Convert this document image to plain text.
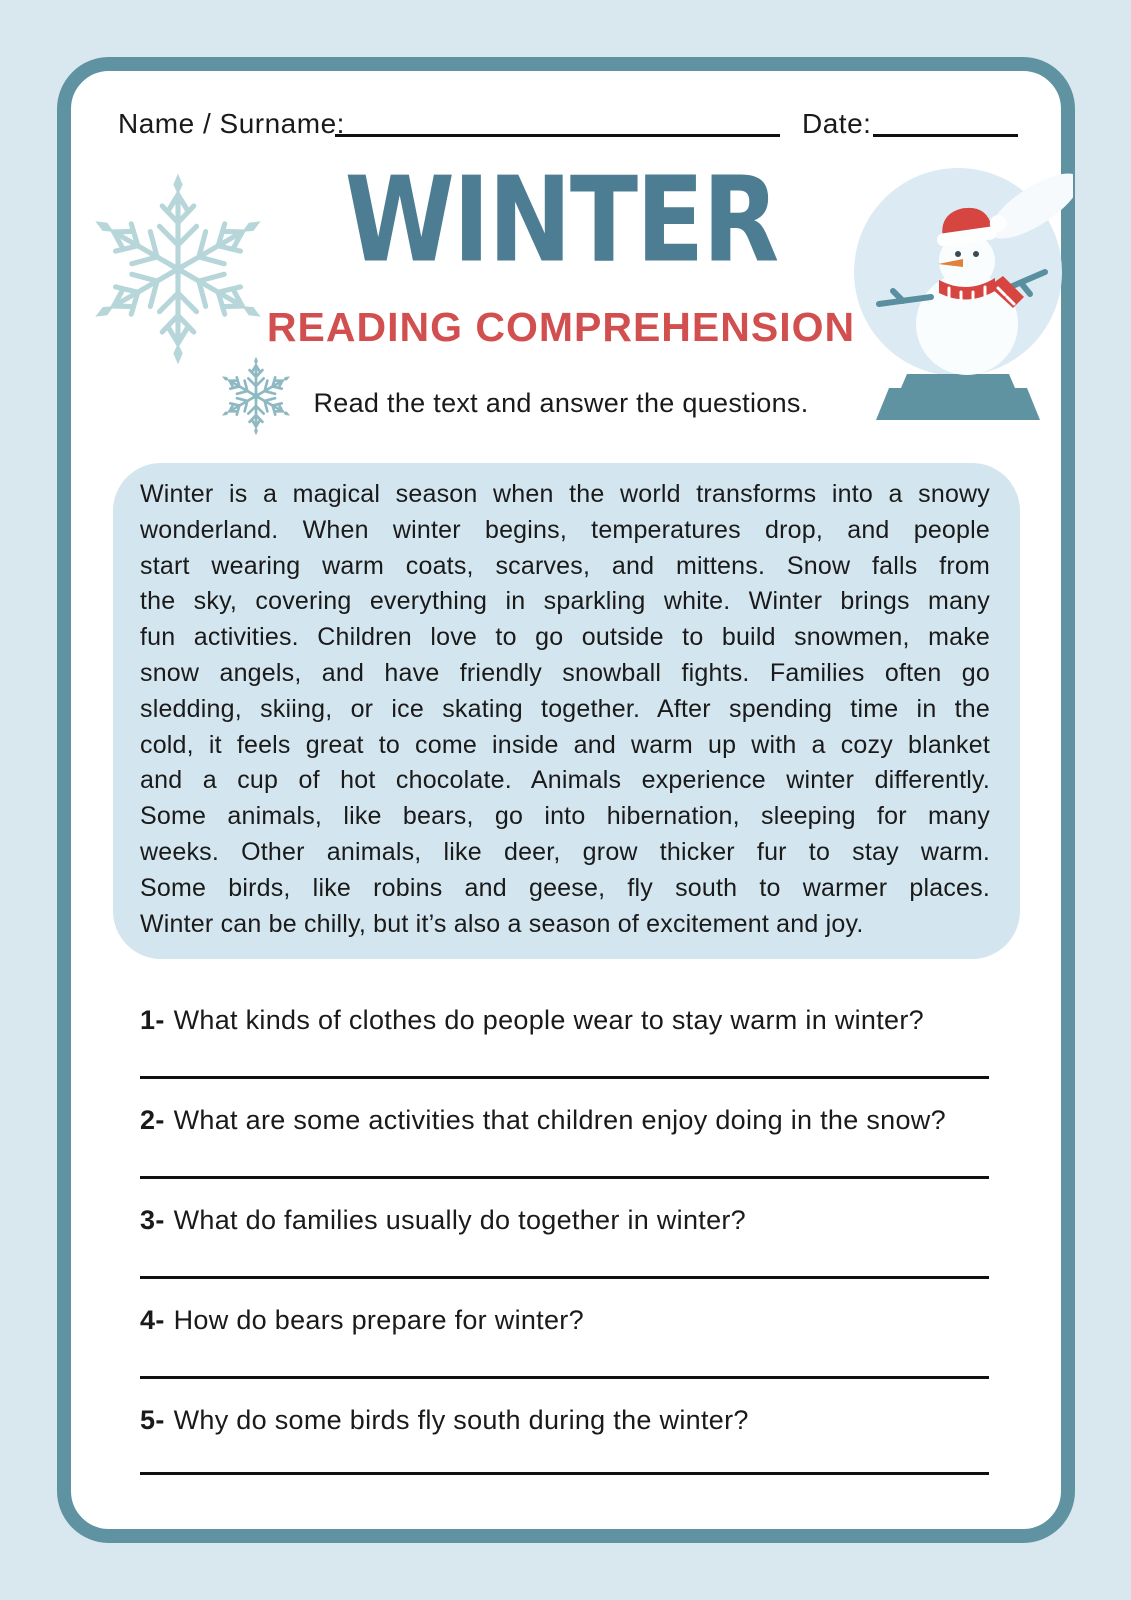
Name / Surname:	Date:
WINTER
READING COMPREHENSION
Read the text and answer the questions.
Winter is a magical season when the world transforms into a snowy
wonderland. When winter begins, temperatures drop, and people
start wearing warm coats, scarves, and mittens. Snow falls from
the sky, covering everything in sparkling white. Winter brings many
fun activities. Children love to go outside to build snowmen, make
snow angels, and have friendly snowball fights. Families often go
sledding, skiing, or ice skating together. After spending time in the
cold, it feels great to come inside and warm up with a cozy blanket
and a cup of hot chocolate. Animals experience winter differently.
Some animals, like bears, go into hibernation, sleeping for many
weeks. Other animals, like deer, grow thicker fur to stay warm.
Some birds, like robins and geese, fly south to warmer places.
Winter can be chilly, but it’s also a season of excitement and joy.
1- What kinds of clothes do people wear to stay warm in winter?
2- What are some activities that children enjoy doing in the snow?
3- What do families usually do together in winter?
4- How do bears prepare for winter?
5- Why do some birds fly south during the winter?
